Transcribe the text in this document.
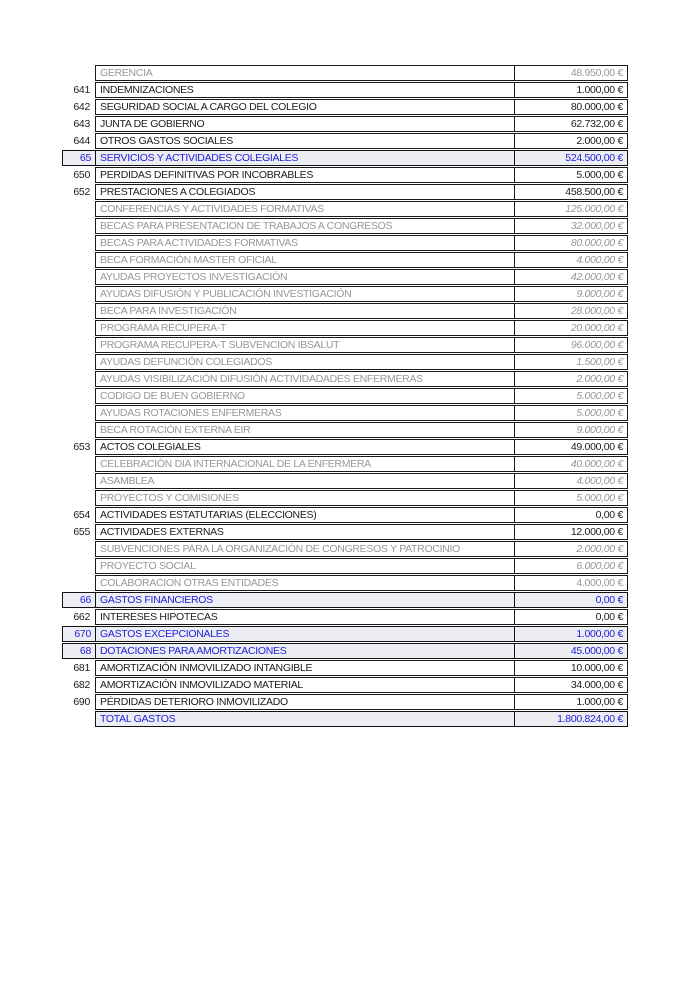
GERENCIA	48.950,00 €
641 INDEMNIZACIONES	1.000,00 €
642 SEGURIDAD SOCIAL A CARGO DEL COLEGIO	80.000,00 €
643 JUNTA DE GOBIERNO	62.732,00 €
644 OTROS GASTOS SOCIALES	2.000,00 €
65 SERVICIOS Y ACTIVIDADES COLEGIALES	524.500,00 €
650 PERDIDAS DEFINITIVAS POR INCOBRABLES	5.000,00 €
652 PRESTACIONES A COLEGIADOS	458.500,00 €
CONFERENCIAS Y ACTIVIDADES FORMATIVAS	125.000,00 €
BECAS PARA PRESENTACION DE TRABAJOS A CONGRESOS	32.000,00 €
BECAS PARA ACTIVIDADES FORMATIVAS	80.000,00 €
BECA FORMACIÓN MASTER OFICIAL	4.000,00 €
AYUDAS PROYECTOS INVESTIGACIÓN	42.000,00 €
AYUDAS DIFUSIÓN Y PUBLICACIÓN INVESTIGACIÓN	9.000,00 €
BECA PARA INVESTIGACIÓN	28.000,00 €
PROGRAMA RECUPERA-T	20.000,00 €
PROGRAMA RECUPERA-T SUBVENCION IBSALUT	96.000,00 €
AYUDAS DEFUNCIÓN COLEGIADOS	1.500,00 €
AYUDAS VISIBILIZACIÓN DIFUSIÓN ACTIVIDADADES ENFERMERAS	2.000,00 €
CODIGO DE BUEN GOBIERNO	5.000,00 €
AYUDAS ROTACIONES ENFERMERAS	5.000,00 €
BECA ROTACIÓN EXTERNA EIR	9.000,00 €
653 ACTOS COLEGIALES	49.000,00 €
CELEBRACIÓN DIA INTERNACIONAL DE LA ENFERMERA	40.000,00 €
ASAMBLEA	4.000,00 €
PROYECTOS Y COMISIONES	5.000,00 €
654 ACTIVIDADES ESTATUTARIAS (ELECCIONES)	0,00 €
655 ACTIVIDADES EXTERNAS	12.000,00 €
SUBVENCIONES PARA LA ORGANIZACIÓN DE CONGRESOS Y PATROCINIO	2.000,00 €
PROYECTO SOCIAL	6.000,00 €
COLABORACION OTRAS ENTIDADES	4.000,00 €
66 GASTOS FINANCIEROS	0,00 €
662 INTERESES HIPOTECAS	0,00 €
670 GASTOS EXCEPCIONALES	1.000,00 €
68 DOTACIONES PARA AMORTIZACIONES	45.000,00 €
681 AMORTIZACIÓN INMOVILIZADO INTANGIBLE	10.000,00 €
682 AMORTIZACIÓN INMOVILIZADO MATERIAL	34.000,00 €
690 PÉRDIDAS DETERIORO INMOVILIZADO	1.000,00 €
TOTAL GASTOS	1.800.824,00 €
